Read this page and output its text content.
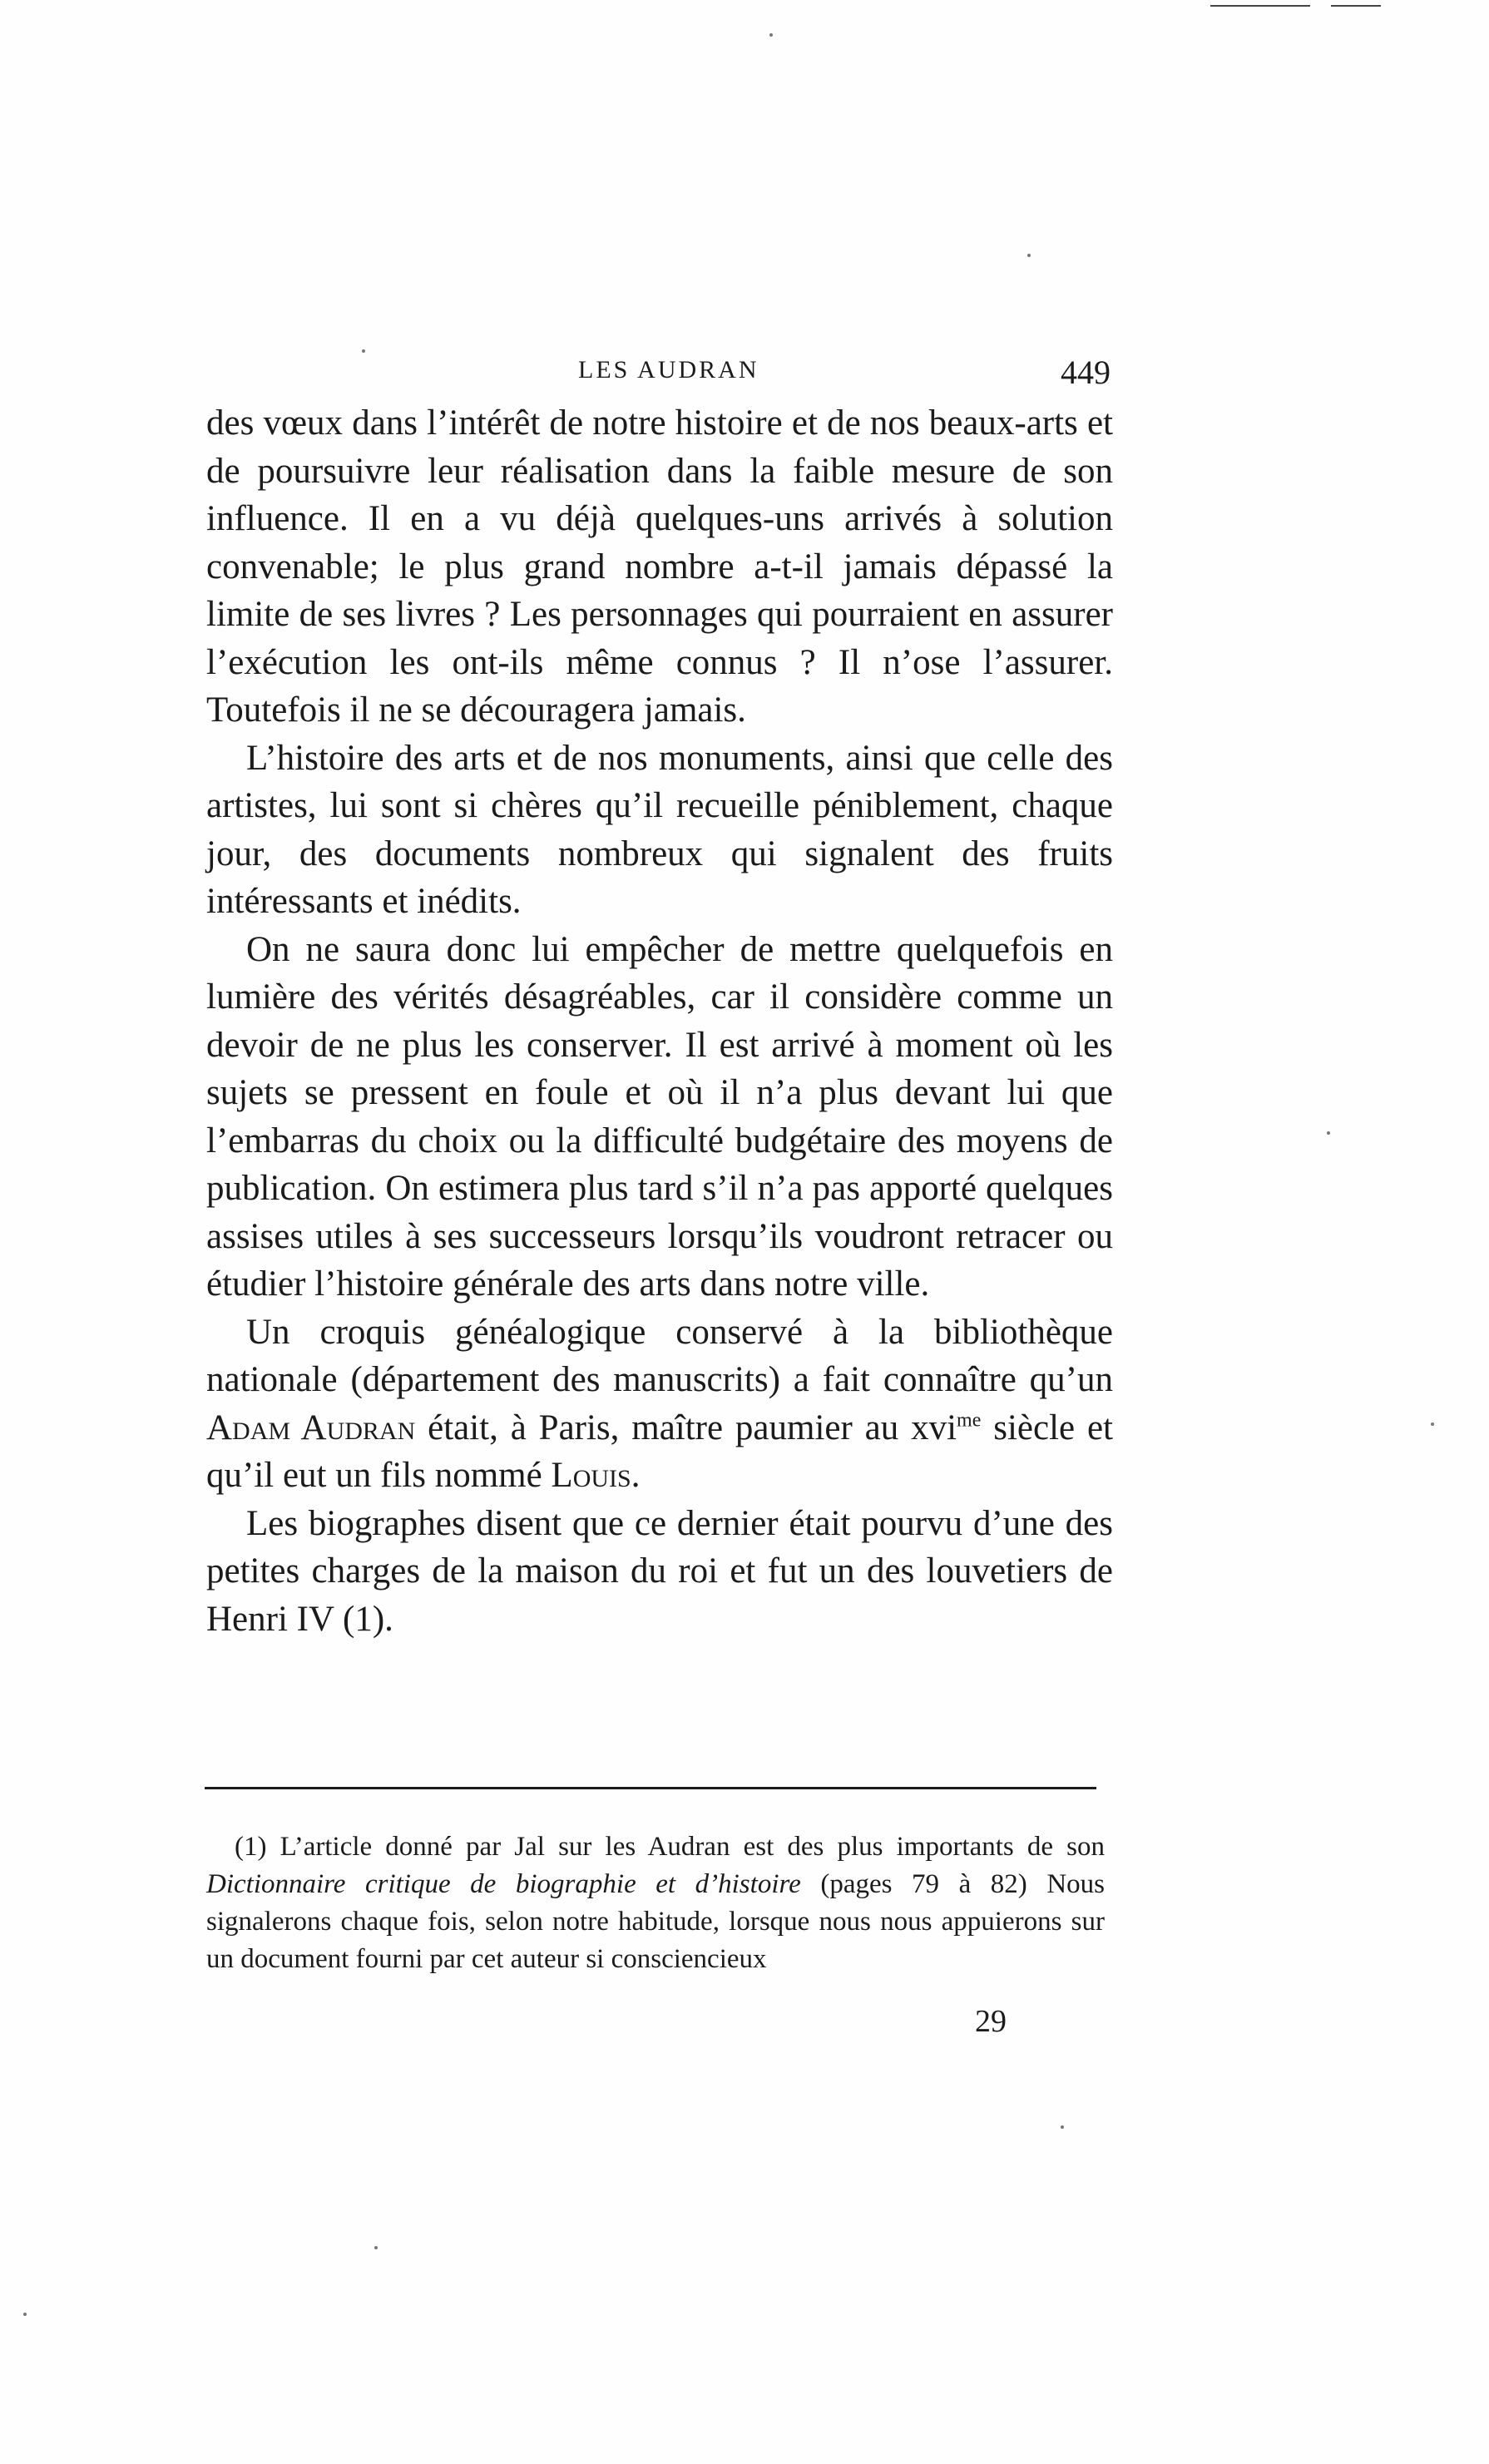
LES AUDRAN	449

des vœux dans l’intérêt de notre histoire et de nos beaux-arts et de poursuivre leur réalisation dans la faible mesure de son influence. Il en a vu déjà quelques-uns arrivés à solution convenable; le plus grand nombre a-t-il jamais dépassé la limite de ses livres ? Les personnages qui pourraient en assurer l’exécution les ont-ils même connus ? Il n’ose l’assurer. Toutefois il ne se découragera jamais.

L’histoire des arts et de nos monuments, ainsi que celle des artistes, lui sont si chères qu’il recueille péniblement, chaque jour, des documents nombreux qui signalent des fruits intéressants et inédits.

On ne saura donc lui empêcher de mettre quelquefois en lumière des vérités désagréables, car il considère comme un devoir de ne plus les conserver. Il est arrivé à moment où les sujets se pressent en foule et où il n’a plus devant lui que l’embarras du choix ou la difficulté budgétaire des moyens de publication. On estimera plus tard s’il n’a pas apporté quelques assises utiles à ses successeurs lorsqu’ils voudront retracer ou étudier l’histoire générale des arts dans notre ville.

Un croquis généalogique conservé à la bibliothèque nationale (département des manuscrits) a fait connaître qu’un Adam Audran était, à Paris, maître paumier au xvi$^{me}$ siècle et qu’il eut un fils nommé Louis.

Les biographes disent que ce dernier était pourvu d’une des petites charges de la maison du roi et fut un des louvetiers de Henri IV (1).

(1) L’article donné par Jal sur les Audran est des plus importants de son Dictionnaire critique de biographie et d’histoire (pages 79 à 82) Nous signalerons chaque fois, selon notre habitude, lorsque nous nous appuierons sur un document fourni par cet auteur si consciencieux

29
